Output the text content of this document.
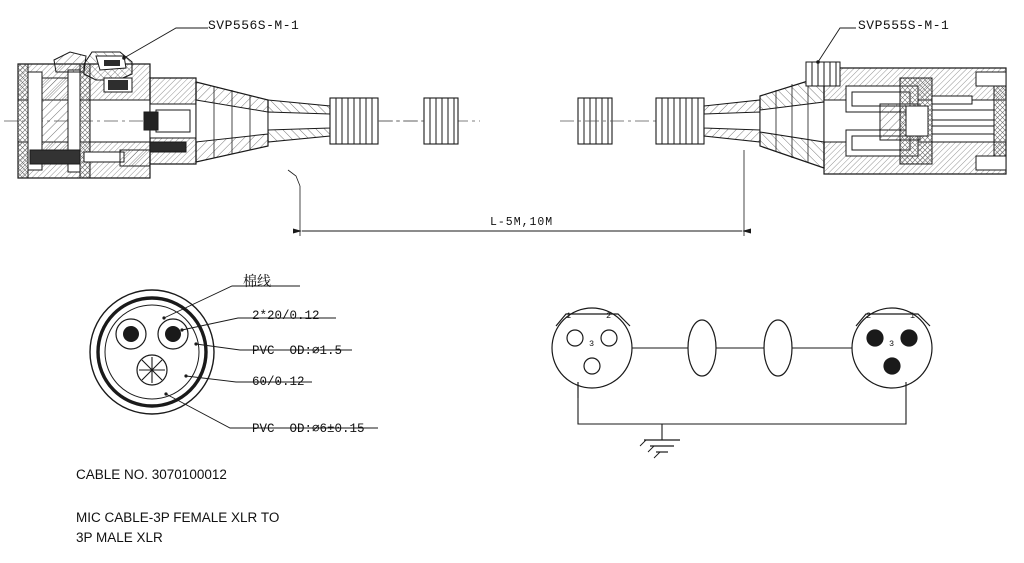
SVP556S-M-1	SVP555S-M-1
L-5M,10M
棉线
2*20/0.12
PVC  OD:⌀1.5
60/0.12
PVC  OD:⌀6±0.15
1	2
3
2	1
3
CABLE NO. 3070100012
MIC CABLE-3P FEMALE XLR TO
3P MALE XLR
